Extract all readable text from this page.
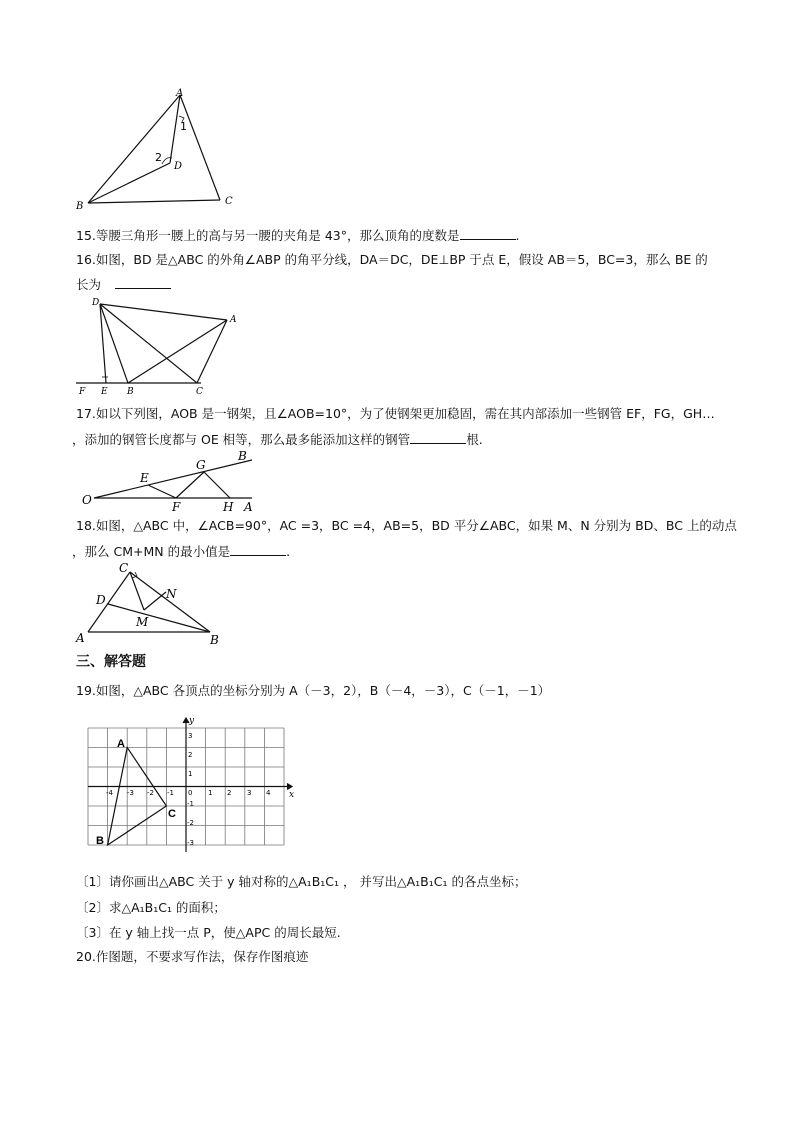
A
B	C
D
1
2
15.等腰三角形一腰上的高与另一腰的夹角是 43°，那么顶角的度数是	.
16.如图，BD 是△ABC 的外角∠ABP 的角平分线，DA＝DC，DE⊥BP 于点 E，假设 AB＝5，BC=3，那么 BE 的
长为
D
A
F E B	C
17.如以下列图，AOB 是一钢架，且∠AOB=10°，为了使钢架更加稳固，需在其内部添加一些钢管 EF，FG，GH…
，添加的钢管长度都与 OE 相等，那么最多能添加这样的钢管	根.
O
E
G
B
F	H A
18.如图，△ABC 中，∠ACB=90°，AC =3，BC =4，AB=5，BD 平分∠ABC，如果 M、N 分别为 BD、BC 上的动点
，那么 CM+MN 的最小值是	.
C
D	N
M
A	B
三、解答题
19.如图，△ABC 各顶点的坐标分别为 A（－3，2），B（－4，－3），C（－1，－1）
y
x
-4 -3 -2 -1 0 1 2 3 4
3
2
1
-1
-2
-3
A
B
C
〔1〕请你画出△ABC 关于 y 轴对称的△A₁B₁C₁ ， 并写出△A₁B₁C₁ 的各点坐标；
〔2〕求△A₁B₁C₁ 的面积；
〔3〕在 y 轴上找一点 P，使△APC 的周长最短.
20.作图题，不要求写作法，保存作图痕迹
